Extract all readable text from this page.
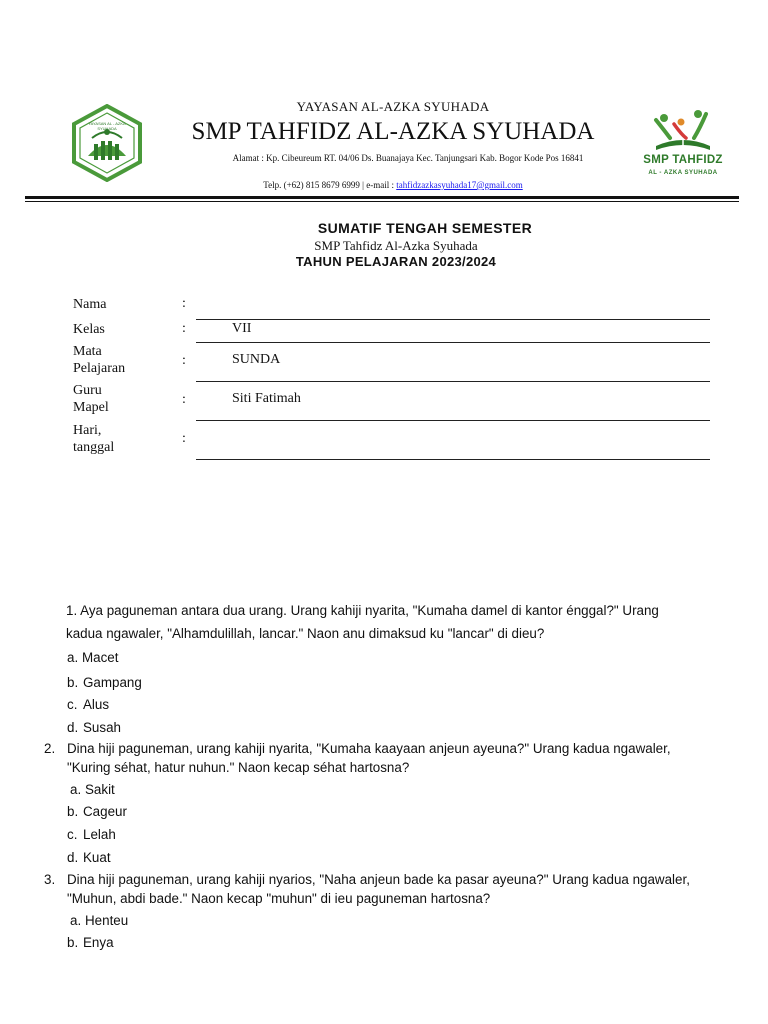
YAYASAN AL - AZKA SYUHADA
YAYASAN AL-AZKA SYUHADA
SMP TAHFIDZ AL-AZKA SYUHADA
Alamat : Kp. Cibeureum RT. 04/06 Ds. Buanajaya Kec. Tanjungsari Kab. Bogor Kode Pos 16841
Telp. (+62) 815 8679 6999 | e-mail : tahfidzazkasyuhada17@gmail.com
SMP TAHFIDZ
AL - AZKA SYUHADA
SUMATIF TENGAH SEMESTER
SMP Tahfidz Al-Azka Syuhada
TAHUN PELAJARAN 2023/2024
Nama	:
Kelas	:	VII
Mata
Pelajaran
:	SUNDA
Guru
Mapel
:	Siti Fatimah
Hari,
tanggal
:
1. Aya paguneman antara dua urang. Urang kahiji nyarita, "Kumaha damel di kantor énggal?" Urang
kadua ngawaler, "Alhamdulillah, lancar." Naon anu dimaksud ku "lancar" di dieu?
a. Macet
b. Gampang
c. Alus
d. Susah
2. Dina hiji paguneman, urang kahiji nyarita, "Kumaha kaayaan anjeun ayeuna?" Urang kadua ngawaler,
"Kuring séhat, hatur nuhun." Naon kecap séhat hartosna?
a. Sakit
b. Cageur
c. Lelah
d. Kuat
3. Dina hiji paguneman, urang kahiji nyarios, "Naha anjeun bade ka pasar ayeuna?" Urang kadua ngawaler,
"Muhun, abdi bade." Naon kecap "muhun" di ieu paguneman hartosna?
a. Henteu
b. Enya
